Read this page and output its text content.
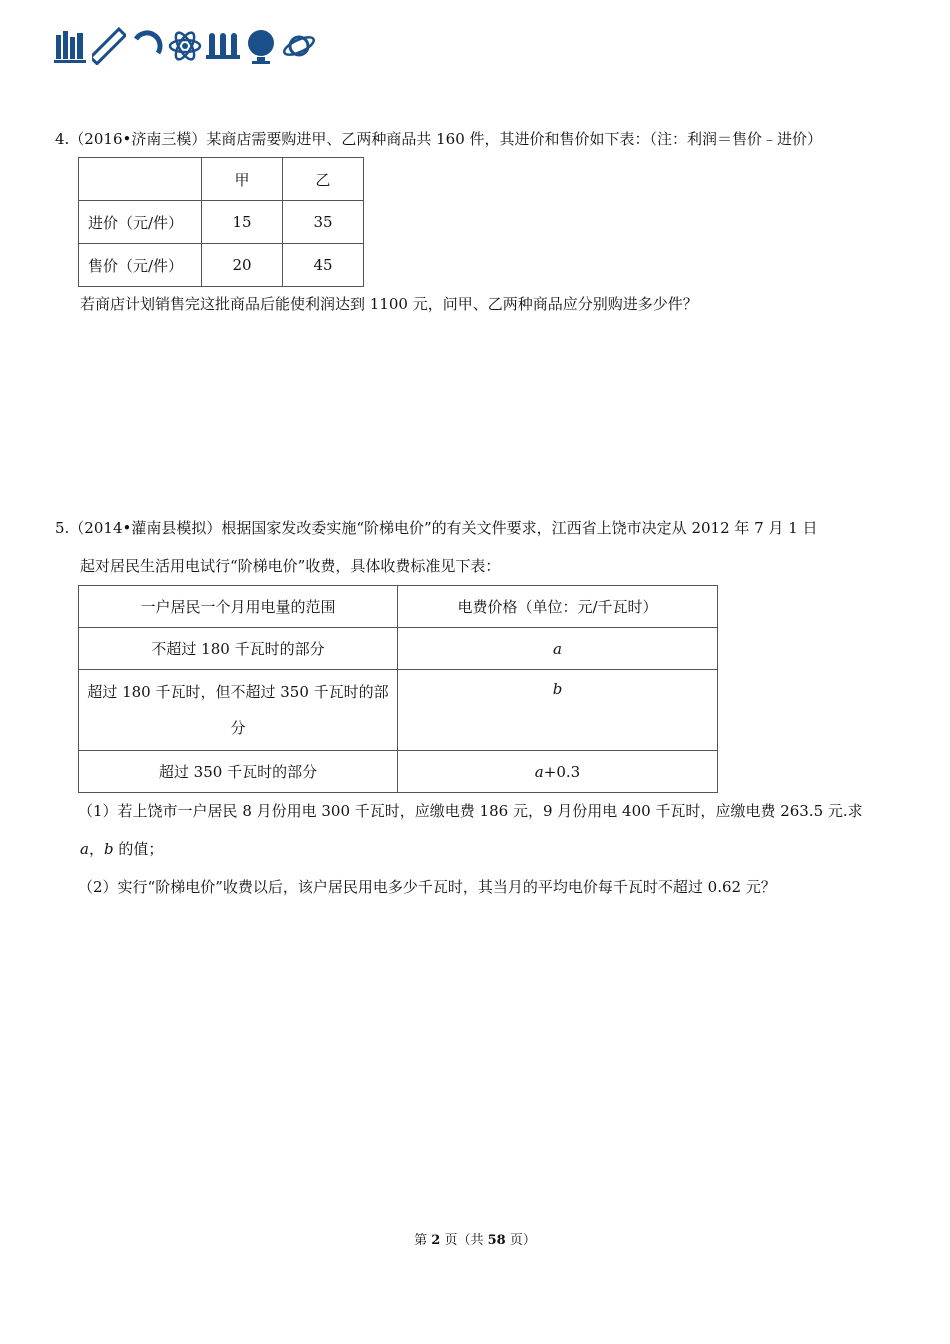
4.（2016•济南三模）某商店需要购进甲、乙两种商品共 160 件，其进价和售价如下表：（注：利润＝售价﹣进价）
	甲	乙
进价（元/件）	15	35
售价（元/件）	20	45
若商店计划销售完这批商品后能使利润达到 1100 元，问甲、乙两种商品应分别购进多少件？
5.（2014•灌南县模拟）根据国家发改委实施“阶梯电价”的有关文件要求，江西省上饶市决定从 2012 年 7 月 1 日
起对居民生活用电试行“阶梯电价”收费，具体收费标准见下表：
一户居民一个月用电量的范围	电费价格（单位：元/千瓦时）
不超过 180 千瓦时的部分	a
超过 180 千瓦时，但不超过 350 千瓦时的部
分	b
超过 350 千瓦时的部分	a+0.3
（1）若上饶市一户居民 8 月份用电 300 千瓦时，应缴电费 186 元，9 月份用电 400 千瓦时，应缴电费 263.5 元.求
a，b 的值；
（2）实行“阶梯电价”收费以后，该户居民用电多少千瓦时，其当月的平均电价每千瓦时不超过 0.62 元？
第 2 页（共 58 页）
